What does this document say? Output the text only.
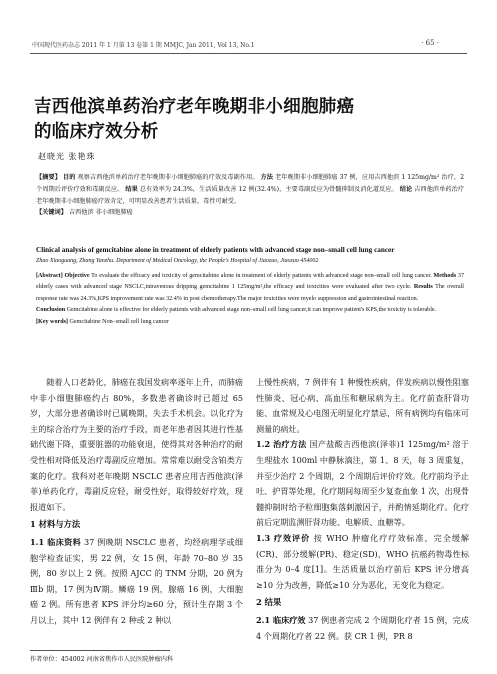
中国现代医药杂志 2011 年 1 月第 13 卷第 1 期 MMJC, Jan 2011, Vol 13, No.1	· 65 ·
吉西他滨单药治疗老年晚期非小细胞肺癌
的临床疗效分析
赵晓光 张艳珠

【摘要】 目的 观察吉西他滨单药治疗老年晚期非小细胞肺癌的疗效及毒副作用。 方法 老年晚期非小细胞肺癌 37 例，应用吉西他滨 1 125mg/m² 治疗，2 个周期后评价疗效和毒副反应。 结果 总有效率为 24.3%，生活质量改善 12 例(32.4%)，主要毒副反应为骨髓抑制及消化道反应。 结论 吉西他滨单药治疗老年晚期非小细胞肺癌疗效肯定，可明显改善患者生活质量，毒性可耐受。

【关键词】 吉西他滨 非小细胞肺癌

Clinical analysis of gemcitabine alone in treatment of elderly patients with advanced stage non–small cell lung cancer
Zhao Xiaoguang, Zhang Yanzhu. Department of Medical Oncology, the People's Hospital of Jiaozuo, Jiaozuo 454002

[Abstract] Objective To evaluate the efficacy and toxicity of gemcitabine alone in treatment of elderly patients with advanced stage non–small cell lung cancer. Methods 37 elderly cases with advanced stage NSCLC,intravenous dripping gemcitabine 1 125mg/m²,the efficacy and toxicities were evaluated after two cycle. Results The overall response rate was 24.3%,KPS improvement rate was 32.4% in post chemotherapy.The major toxicities were myelo suppression and gastrointestinal reaction.

Conclusion Gemcitabine alone is effective for elderly patients with advanced stage non–small cell lung cancer,it can improve patient's KPS,the toxicity is tolerable.

[Key words] Gemcitabine Non–small cell lung cancer

随着人口老龄化，肺癌在我国发病率逐年上升，而肺癌中非小细胞肺癌约占 80%，多数患者确诊时已超过 65 岁，大部分患者确诊时已属晚期，失去手术机会。以化疗为主的综合治疗为主要的治疗手段，而老年患者因其进行性基础代谢下降，重要脏器的功能衰退，使得其对各种治疗的耐受性相对降低及治疗毒副反应增加。常常难以耐受含铂类方案的化疗。我科对老年晚期 NSCLC 患者应用吉西他滨(泽菲)单药化疗，毒副反应轻，耐受性好，取得较好疗效，现报道如下。

1 材料与方法

1.1 临床资料 37 例晚期 NSCLC 患者，均经病理学或细胞学检查证实，男 22 例，女 15 例，年龄 70–80 岁 35 例，80 岁以上 2 例。按照 AJCC 的 TNM 分期，20 例为Ⅲb 期，17 例为Ⅳ期。鳞癌 19 例，腺癌 16 例，大细胞癌 2 例。所有患者 KPS 评分均≥60 分，预计生存期 3 个月以上，其中 12 例伴有 2 种或 2 种以

上慢性疾病，7 例伴有 1 种慢性疾病，伴发疾病以慢性阻塞性肺炎、冠心病、高血压和糖尿病为主。化疗前查肝肾功能、血常规及心电图无明显化疗禁忌，所有病例均有临床可测量的病灶。

1.2 治疗方法 国产盐酸吉西他滨(泽菲)1 125mg/m² 溶于生理盐水 100ml 中静脉滴注，第 1、8 天，每 3 周重复，并至少治疗 2 个周期，2 个周期后评价疗效。化疗前均予止吐、护胃等处理，化疗期间每周至少复查血象 1 次，出现骨髓抑制时给予粒细胞集落刺激因子，并酌情延期化疗。化疗前后定期监测肝肾功能、电解质、血糖等。

1.3 疗效评价 按 WHO 肿瘤化疗疗效标准，完全缓解(CR)、部分缓解(PR)、稳定(SD)，WHO 抗癌药物毒性标准分为 0–4 度[1]。生活质量以治疗前后 KPS 评分增高≥10 分为改善，降低≥10 分为恶化，无变化为稳定。

2 结果

2.1 临床疗效 37 例患者完成 2 个周期化疗者 15 例，完成 4 个周期化疗者 22 例。获 CR 1 例，PR 8

作者单位：454002 河南省焦作市人民医院肿瘤内科
